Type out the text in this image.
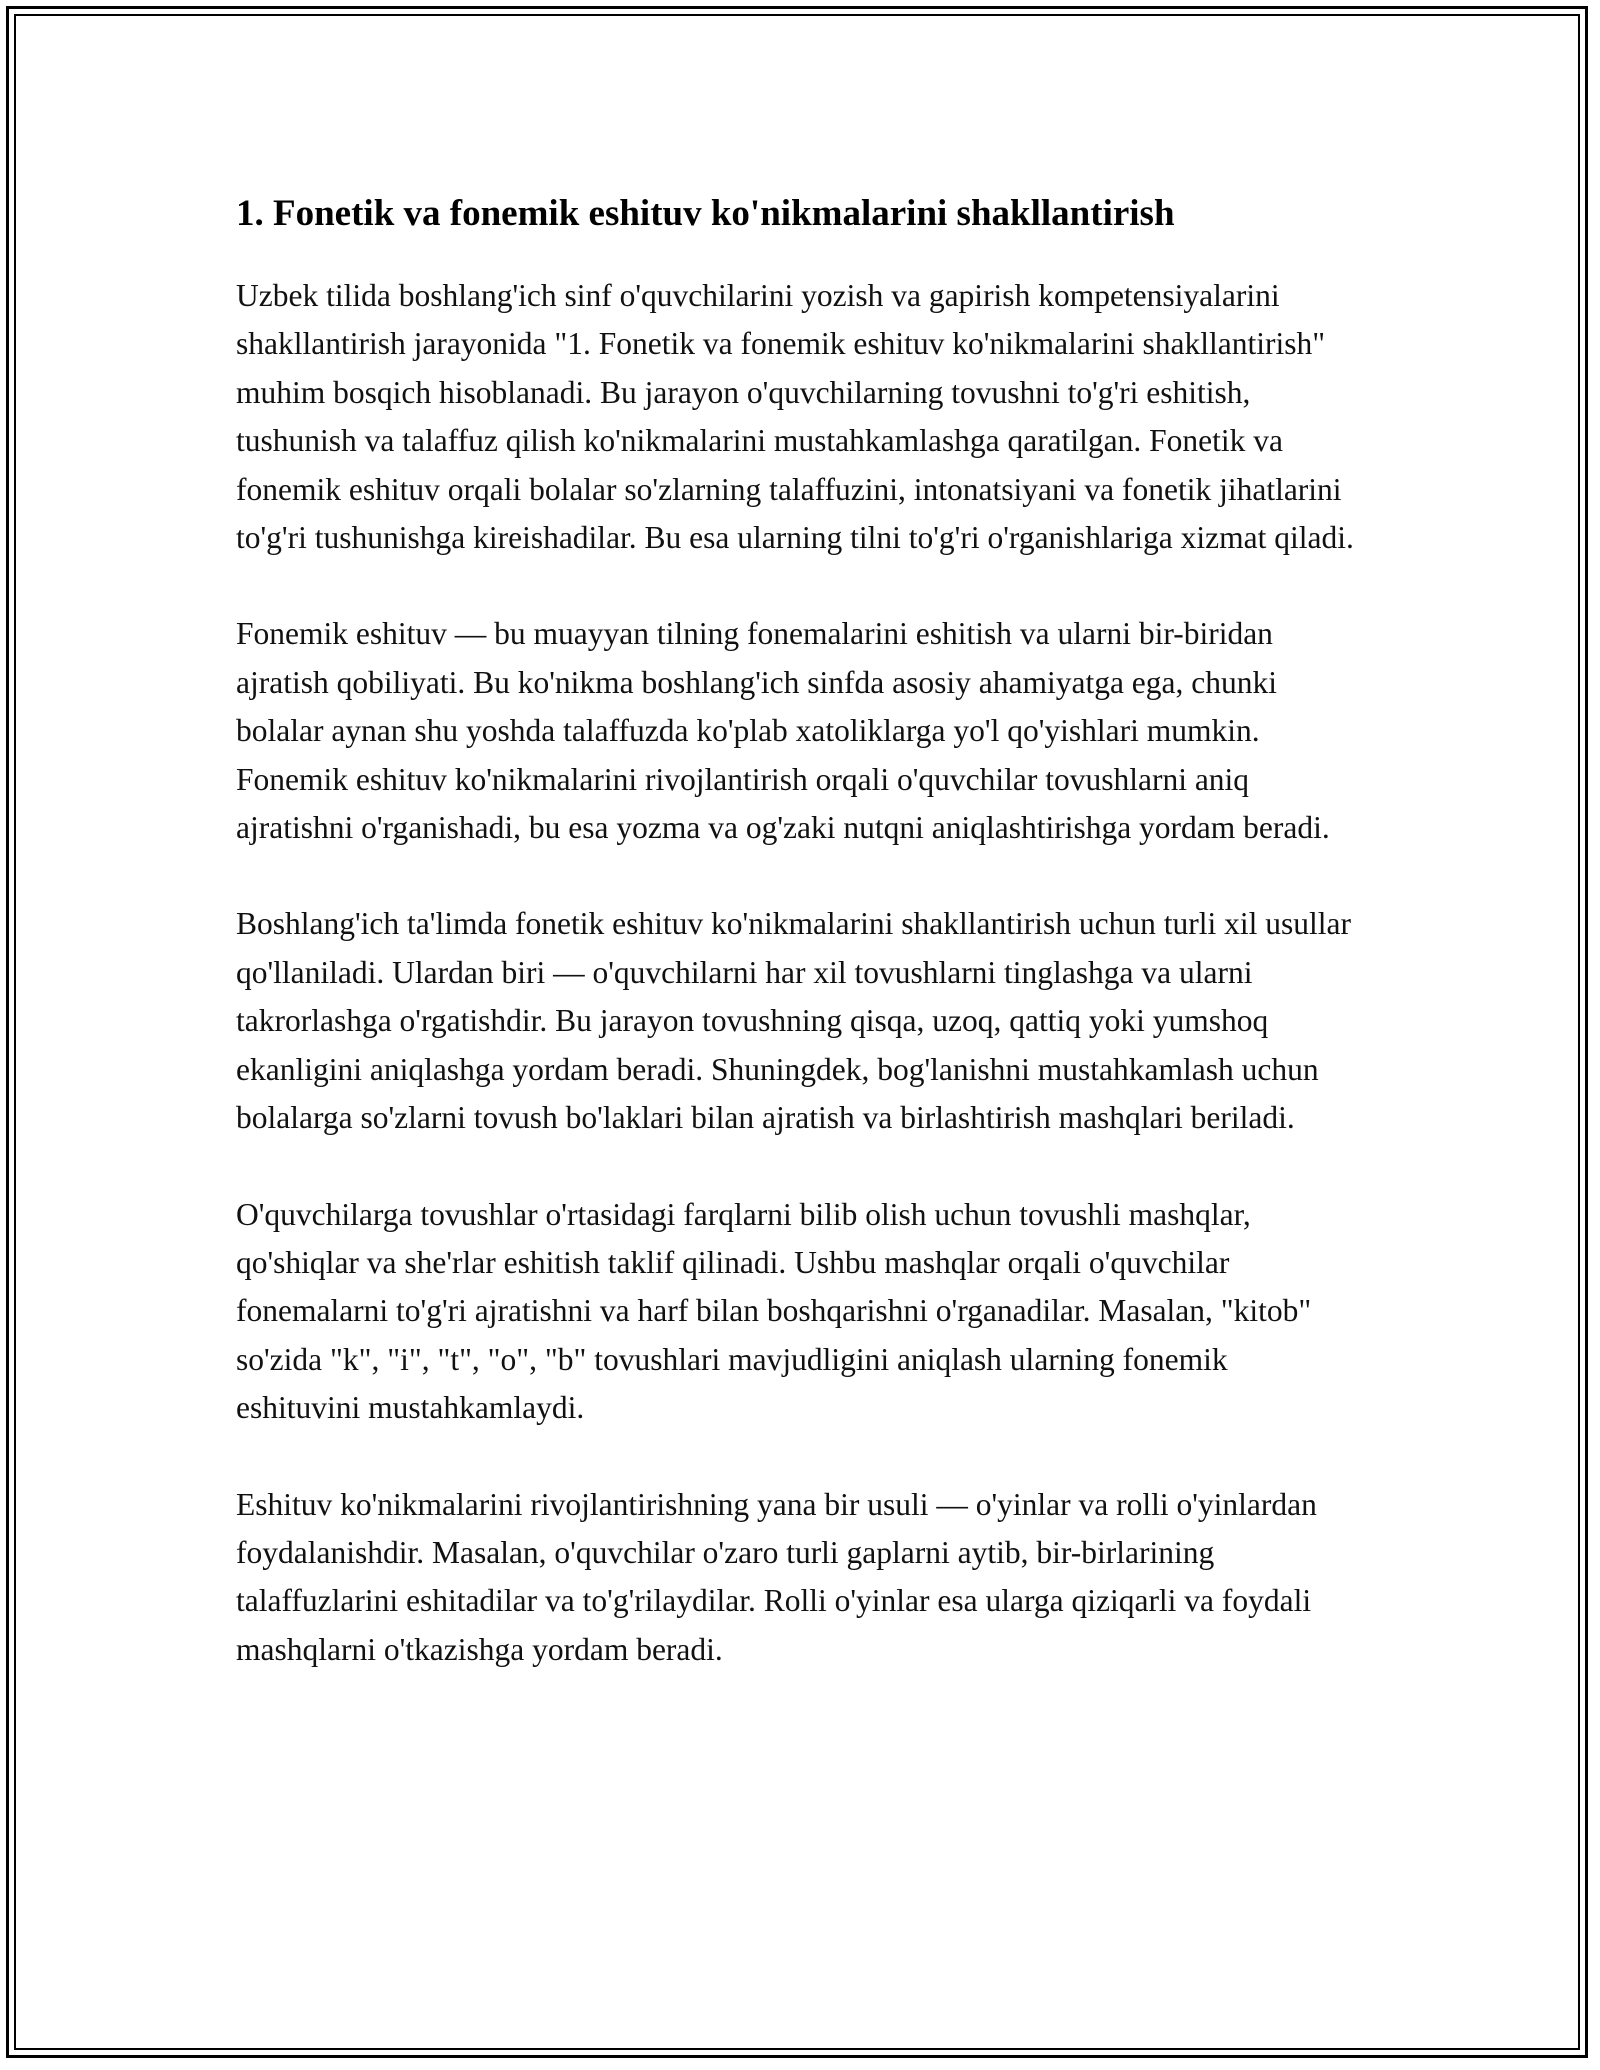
1. Fonetik va fonemik eshituv ko'nikmalarini shakllantirish

Uzbek tilida boshlang'ich sinf o'quvchilarini yozish va gapirish kompetensiyalarini shakllantirish jarayonida "1. Fonetik va fonemik eshituv ko'nikmalarini shakllantirish" muhim bosqich hisoblanadi. Bu jarayon o'quvchilarning tovushni to'g'ri eshitish, tushunish va talaffuz qilish ko'nikmalarini mustahkamlashga qaratilgan. Fonetik va fonemik eshituv orqali bolalar so'zlarning talaffuzini, intonatsiyani va fonetik jihatlarini to'g'ri tushunishga kireishadilar. Bu esa ularning tilni to'g'ri o'rganishlariga xizmat qiladi.

Fonemik eshituv — bu muayyan tilning fonemalarini eshitish va ularni bir-biridan ajratish qobiliyati. Bu ko'nikma boshlang'ich sinfda asosiy ahamiyatga ega, chunki bolalar aynan shu yoshda talaffuzda ko'plab xatoliklarga yo'l qo'yishlari mumkin. Fonemik eshituv ko'nikmalarini rivojlantirish orqali o'quvchilar tovushlarni aniq ajratishni o'rganishadi, bu esa yozma va og'zaki nutqni aniqlashtirishga yordam beradi.

Boshlang'ich ta'limda fonetik eshituv ko'nikmalarini shakllantirish uchun turli xil usullar qo'llaniladi. Ulardan biri — o'quvchilarni har xil tovushlarni tinglashga va ularni takrorlashga o'rgatishdir. Bu jarayon tovushning qisqa, uzoq, qattiq yoki yumshoq ekanligini aniqlashga yordam beradi. Shuningdek, bog'lanishni mustahkamlash uchun bolalarga so'zlarni tovush bo'laklari bilan ajratish va birlashtirish mashqlari beriladi.

O'quvchilarga tovushlar o'rtasidagi farqlarni bilib olish uchun tovushli mashqlar, qo'shiqlar va she'rlar eshitish taklif qilinadi. Ushbu mashqlar orqali o'quvchilar fonemalarni to'g'ri ajratishni va harf bilan boshqarishni o'rganadilar. Masalan, "kitob" so'zida "k", "i", "t", "o", "b" tovushlari mavjudligini aniqlash ularning fonemik eshituvini mustahkamlaydi.

Eshituv ko'nikmalarini rivojlantirishning yana bir usuli — o'yinlar va rolli o'yinlardan foydalanishdir. Masalan, o'quvchilar o'zaro turli gaplarni aytib, bir-birlarining talaffuzlarini eshitadilar va to'g'rilaydilar. Rolli o'yinlar esa ularga qiziqarli va foydali mashqlarni o'tkazishga yordam beradi.
